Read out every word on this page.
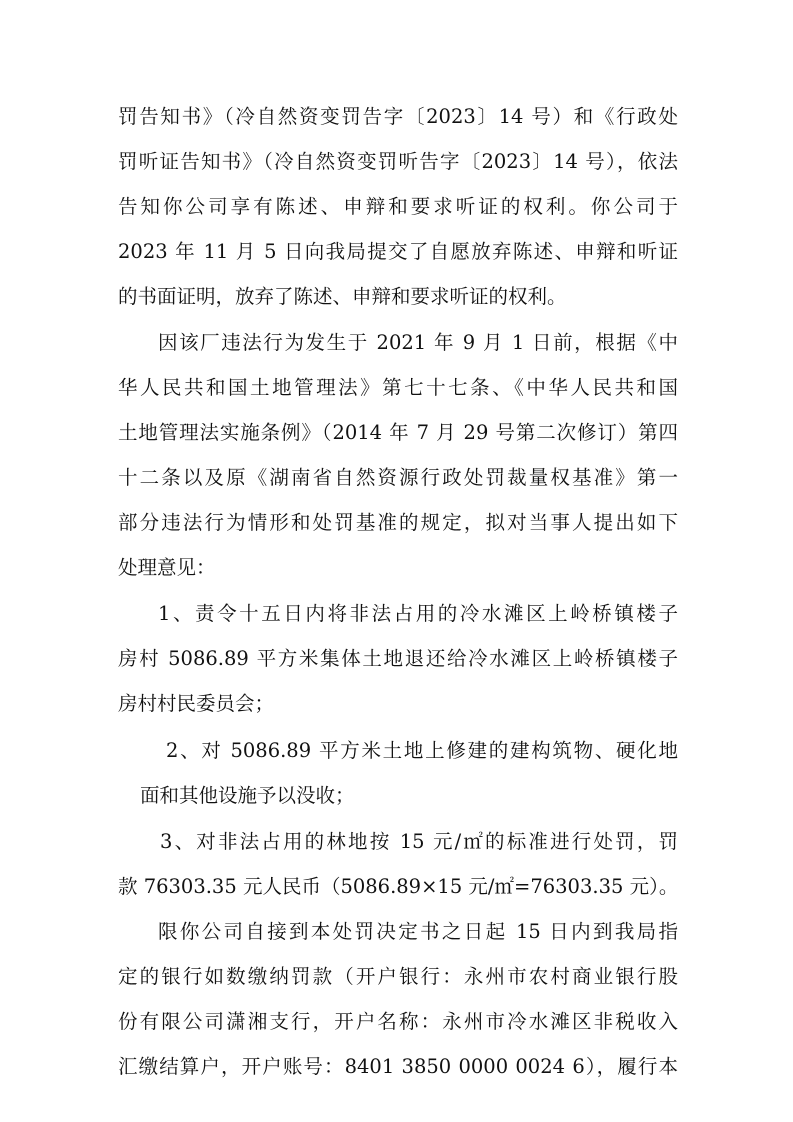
罚告知书》（冷自然资变罚告字〔2023〕14 号）和《行政处
罚听证告知书》（冷自然资变罚听告字〔2023〕14 号），依法
告知你公司享有陈述、申辩和要求听证的权利。你公司于
2023 年 11 月 5 日向我局提交了自愿放弃陈述、申辩和听证
的书面证明，放弃了陈述、申辩和要求听证的权利。
因该厂违法行为发生于 2021 年 9 月 1 日前，根据《中
华人民共和国土地管理法》第七十七条、《中华人民共和国
土地管理法实施条例》（2014 年 7 月 29 号第二次修订）第四
十二条以及原《湖南省自然资源行政处罚裁量权基准》第一
部分违法行为情形和处罚基准的规定，拟对当事人提出如下
处理意见：
1、责令十五日内将非法占用的冷水滩区上岭桥镇楼子
房村 5086.89 平方米集体土地退还给冷水滩区上岭桥镇楼子
房村村民委员会；
2、对 5086.89 平方米土地上修建的建构筑物、硬化地
面和其他设施予以没收；
3、对非法占用的林地按 15 元/㎡的标准进行处罚，罚
款 76303.35 元人民币（5086.89×15 元/㎡=76303.35 元）。
限你公司自接到本处罚决定书之日起 15 日内到我局指
定的银行如数缴纳罚款（开户银行：永州市农村商业银行股
份有限公司潇湘支行，开户名称：永州市冷水滩区非税收入
汇缴结算户，开户账号：8401 3850 0000 0024 6），履行本
